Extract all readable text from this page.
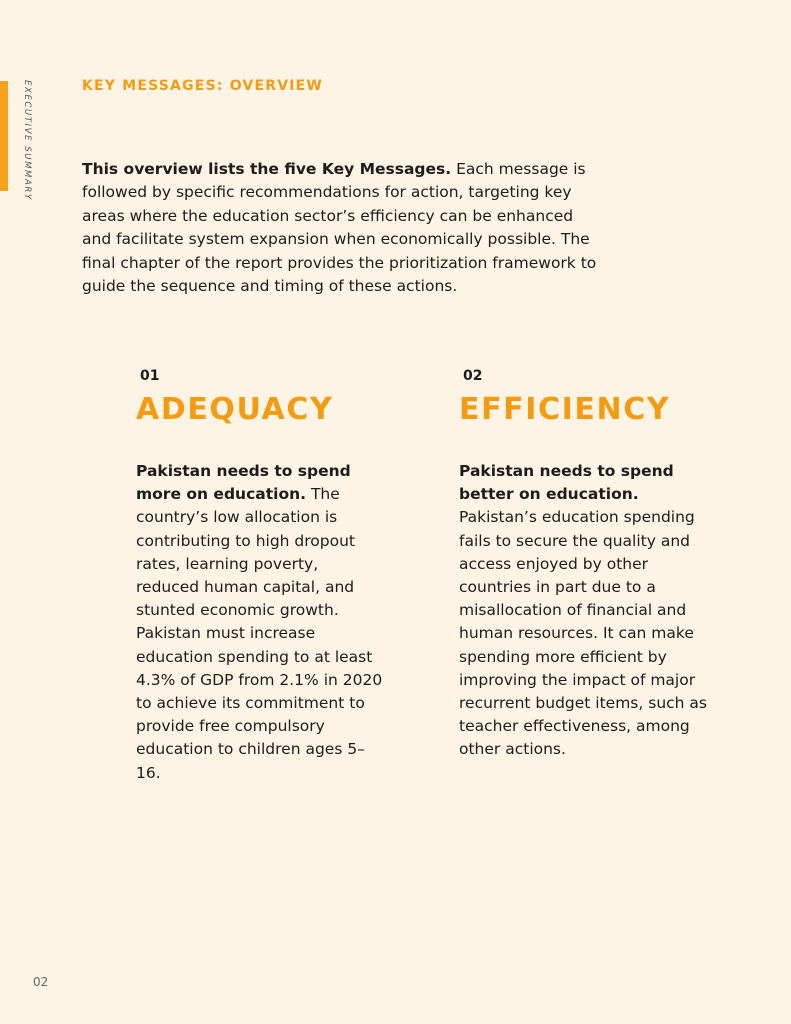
EXECUTIVE SUMMARY	KEY MESSAGES: OVERVIEW
This overview lists the five Key Messages. Each message is followed by specific recommendations for action, targeting key areas where the education sector’s efficiency can be enhanced and facilitate system expansion when economically possible. The final chapter of the report provides the prioritization framework to guide the sequence and timing of these actions.
01
ADEQUACY
Pakistan needs to spend more on education. The country’s low allocation is contributing to high dropout rates, learning poverty, reduced human capital, and stunted economic growth. Pakistan must increase education spending to at least 4.3% of GDP from 2.1% in 2020 to achieve its commitment to provide free compulsory education to children ages 5–16.
02
EFFICIENCY
Pakistan needs to spend better on education. Pakistan’s education spending fails to secure the quality and access enjoyed by other countries in part due to a misallocation of financial and human resources. It can make spending more efficient by improving the impact of major recurrent budget items, such as teacher effectiveness, among other actions.
02
